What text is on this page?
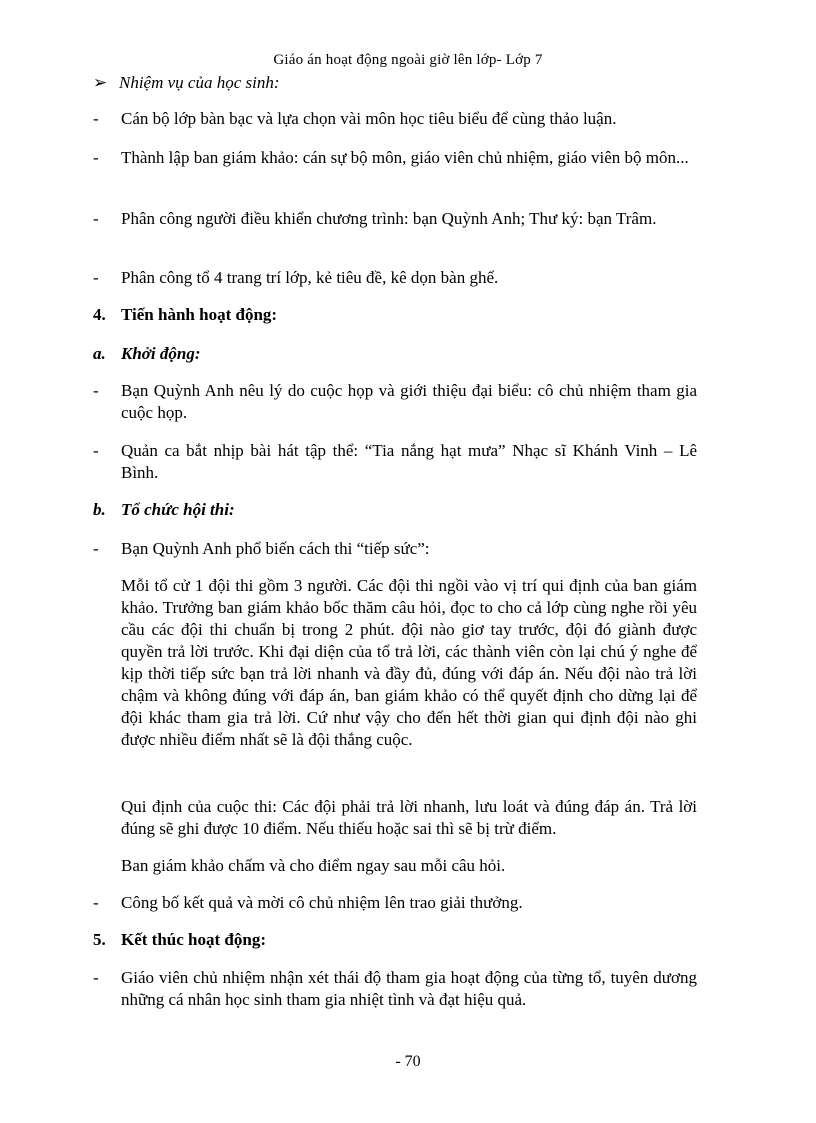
Giáo án hoạt động ngoài giờ lên lớp- Lớp 7
➢ Nhiệm vụ của học sinh:
-	Cán bộ lớp bàn bạc và lựa chọn vài môn học tiêu biểu để cùng thảo luận.
-	Thành lập ban giám khảo: cán sự bộ môn, giáo viên chủ nhiệm, giáo viên bộ môn...
-	Phân công người điều khiển chương trình: bạn Quỳnh Anh; Thư ký: bạn Trâm.
-	Phân công tổ 4 trang trí lớp, kẻ tiêu đề, kê dọn bàn ghế.
4. Tiến hành hoạt động:
a. Khởi động:
-	Bạn Quỳnh Anh nêu lý do cuộc họp và giới thiệu đại biểu: cô chủ nhiệm tham gia cuộc họp.
-	Quản ca bắt nhịp bài hát tập thể: “Tia nắng hạt mưa” Nhạc sĩ Khánh Vinh – Lê Bình.
b. Tổ chức hội thi:
-	Bạn Quỳnh Anh phổ biến cách thi “tiếp sức”:
Mỗi tổ cử 1 đội thi gồm 3 người. Các đội thi ngồi vào vị trí qui định của ban giám khảo. Trưởng ban giám khảo bốc thăm câu hỏi, đọc to cho cả lớp cùng nghe rồi yêu cầu các đội thi chuẩn bị trong 2 phút. đội nào giơ tay trước, đội đó giành được quyền trả lời trước. Khi đại diện của tổ trả lời, các thành viên còn lại chú ý nghe để kịp thời tiếp sức bạn trả lời nhanh và đầy đủ, đúng với đáp án. Nếu đội nào trả lời chậm và không đúng với đáp án, ban giám khảo có thể quyết định cho dừng lại để đội khác tham gia trả lời. Cứ như vậy cho đến hết thời gian qui định đội nào ghi được nhiều điểm nhất sẽ là đội thắng cuộc.
Qui định của cuộc thi: Các đội phải trả lời nhanh, lưu loát và đúng đáp án. Trả lời đúng sẽ ghi được 10 điểm. Nếu thiếu hoặc sai thì sẽ bị trừ điểm.
Ban giám khảo chấm và cho điểm ngay sau mỗi câu hỏi.
-	Công bố kết quả và mời cô chủ nhiệm lên trao giải thưởng.
5. Kết thúc hoạt động:
-	Giáo viên chủ nhiệm nhận xét thái độ tham gia hoạt động của từng tổ, tuyên dương những cá nhân học sinh tham gia nhiệt tình và đạt hiệu quả.
- 70
